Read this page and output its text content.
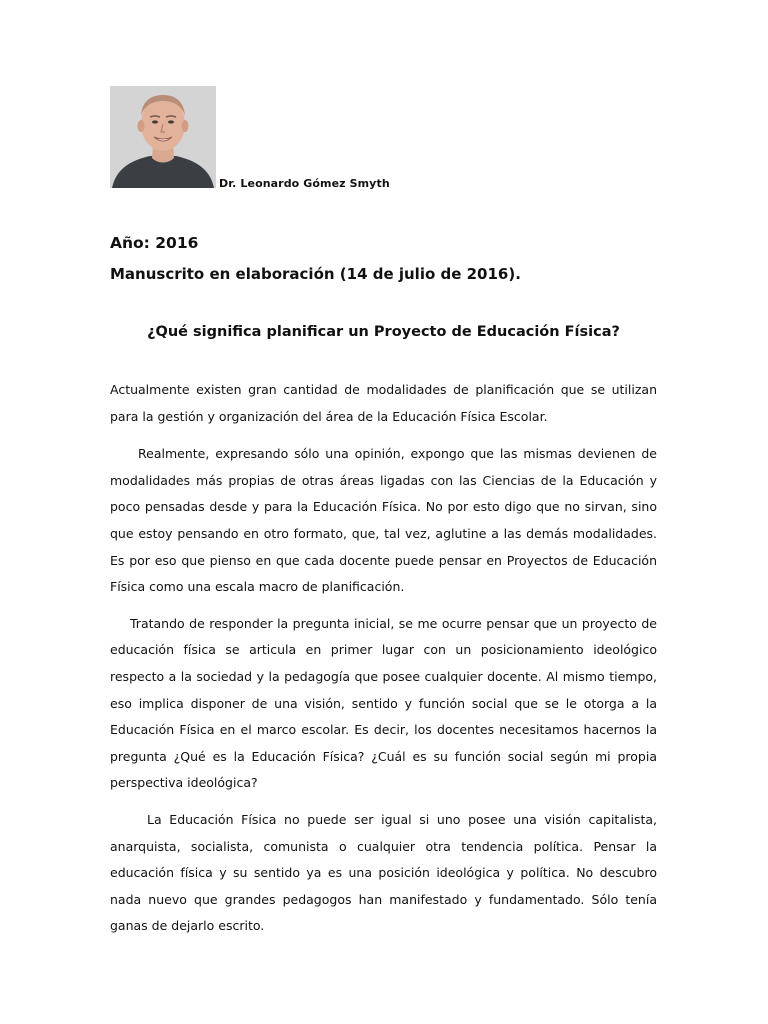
Dr. Leonardo Gómez Smyth
Año: 2016
Manuscrito en elaboración (14 de julio de 2016).
¿Qué significa planificar un Proyecto de Educación Física?

Actualmente existen gran cantidad de modalidades de planificación que se utilizan para la gestión y organización del área de la Educación Física Escolar.

Realmente, expresando sólo una opinión, expongo que las mismas devienen de modalidades más propias de otras áreas ligadas con las Ciencias de la Educación y poco pensadas desde y para la Educación Física. No por esto digo que no sirvan, sino que estoy pensando en otro formato, que, tal vez, aglutine a las demás modalidades. Es por eso que pienso en que cada docente puede pensar en Proyectos de Educación Física como una escala macro de planificación.

Tratando de responder la pregunta inicial, se me ocurre pensar que un proyecto de educación física se articula en primer lugar con un posicionamiento ideológico respecto a la sociedad y la pedagogía que posee cualquier docente. Al mismo tiempo, eso implica disponer de una visión, sentido y función social que se le otorga a la Educación Física en el marco escolar. Es decir, los docentes necesitamos hacernos la pregunta ¿Qué es la Educación Física? ¿Cuál es su función social según mi propia perspectiva ideológica?

La Educación Física no puede ser igual si uno posee una visión capitalista, anarquista, socialista, comunista o cualquier otra tendencia política. Pensar la educación física y su sentido ya es una posición ideológica y política. No descubro nada nuevo que grandes pedagogos han manifestado y fundamentado. Sólo tenía ganas de dejarlo escrito.
